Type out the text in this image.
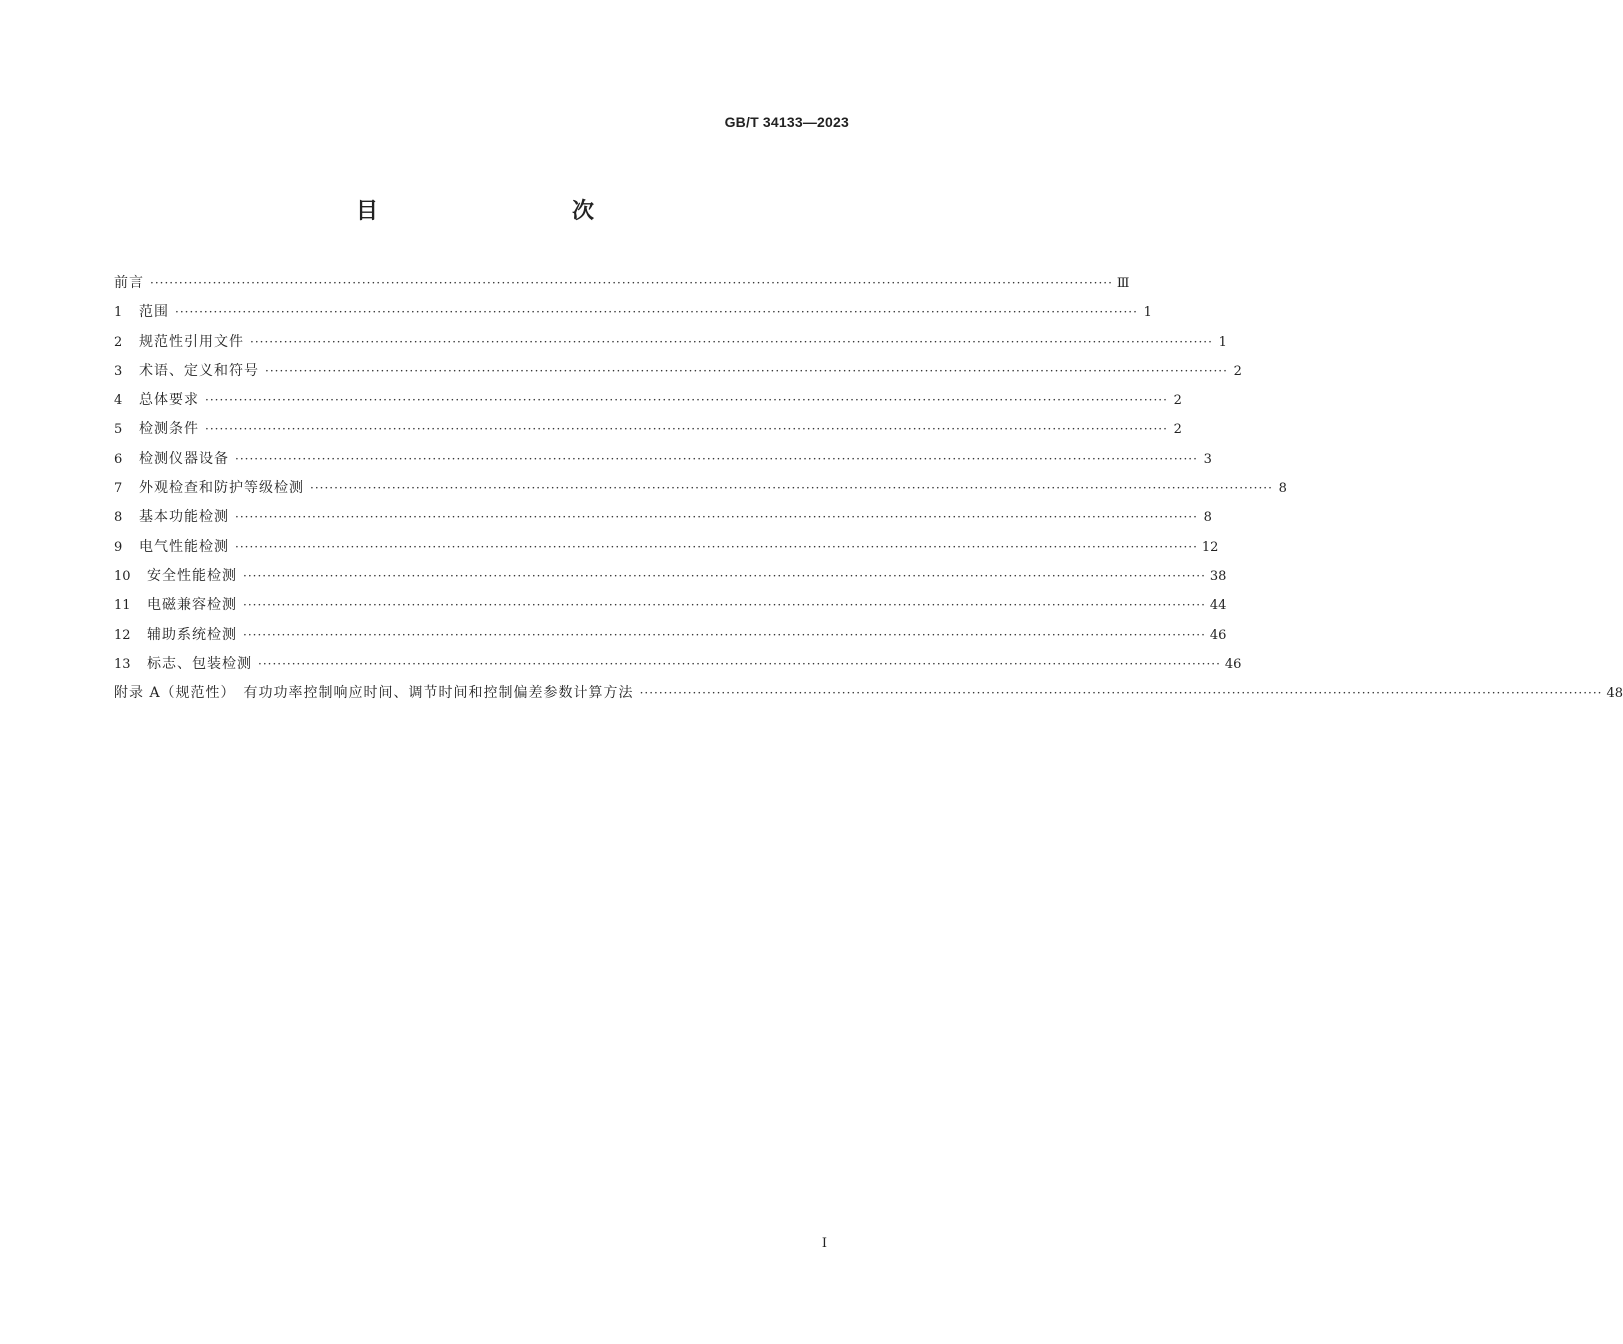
GB/T 34133—2023
目　　次
前言 ········································································································································································································ Ⅲ
1	范围 ········································································································································································································ 1
2	规范性引用文件 ········································································································································································································ 1
3	术语、定义和符号 ········································································································································································································ 2
4	总体要求 ········································································································································································································ 2
5	检测条件 ········································································································································································································ 2
6	检测仪器设备 ········································································································································································································ 3
7	外观检查和防护等级检测 ········································································································································································································ 8
8	基本功能检测 ········································································································································································································ 8
9	电气性能检测 ········································································································································································································ 12
10	安全性能检测 ········································································································································································································ 38
11	电磁兼容检测 ········································································································································································································ 44
12	辅助系统检测 ········································································································································································································ 46
13	标志、包装检测 ········································································································································································································ 46
附录 A（规范性）　有功功率控制响应时间、调节时间和控制偏差参数计算方法 ········································································································································································································ 48
I
